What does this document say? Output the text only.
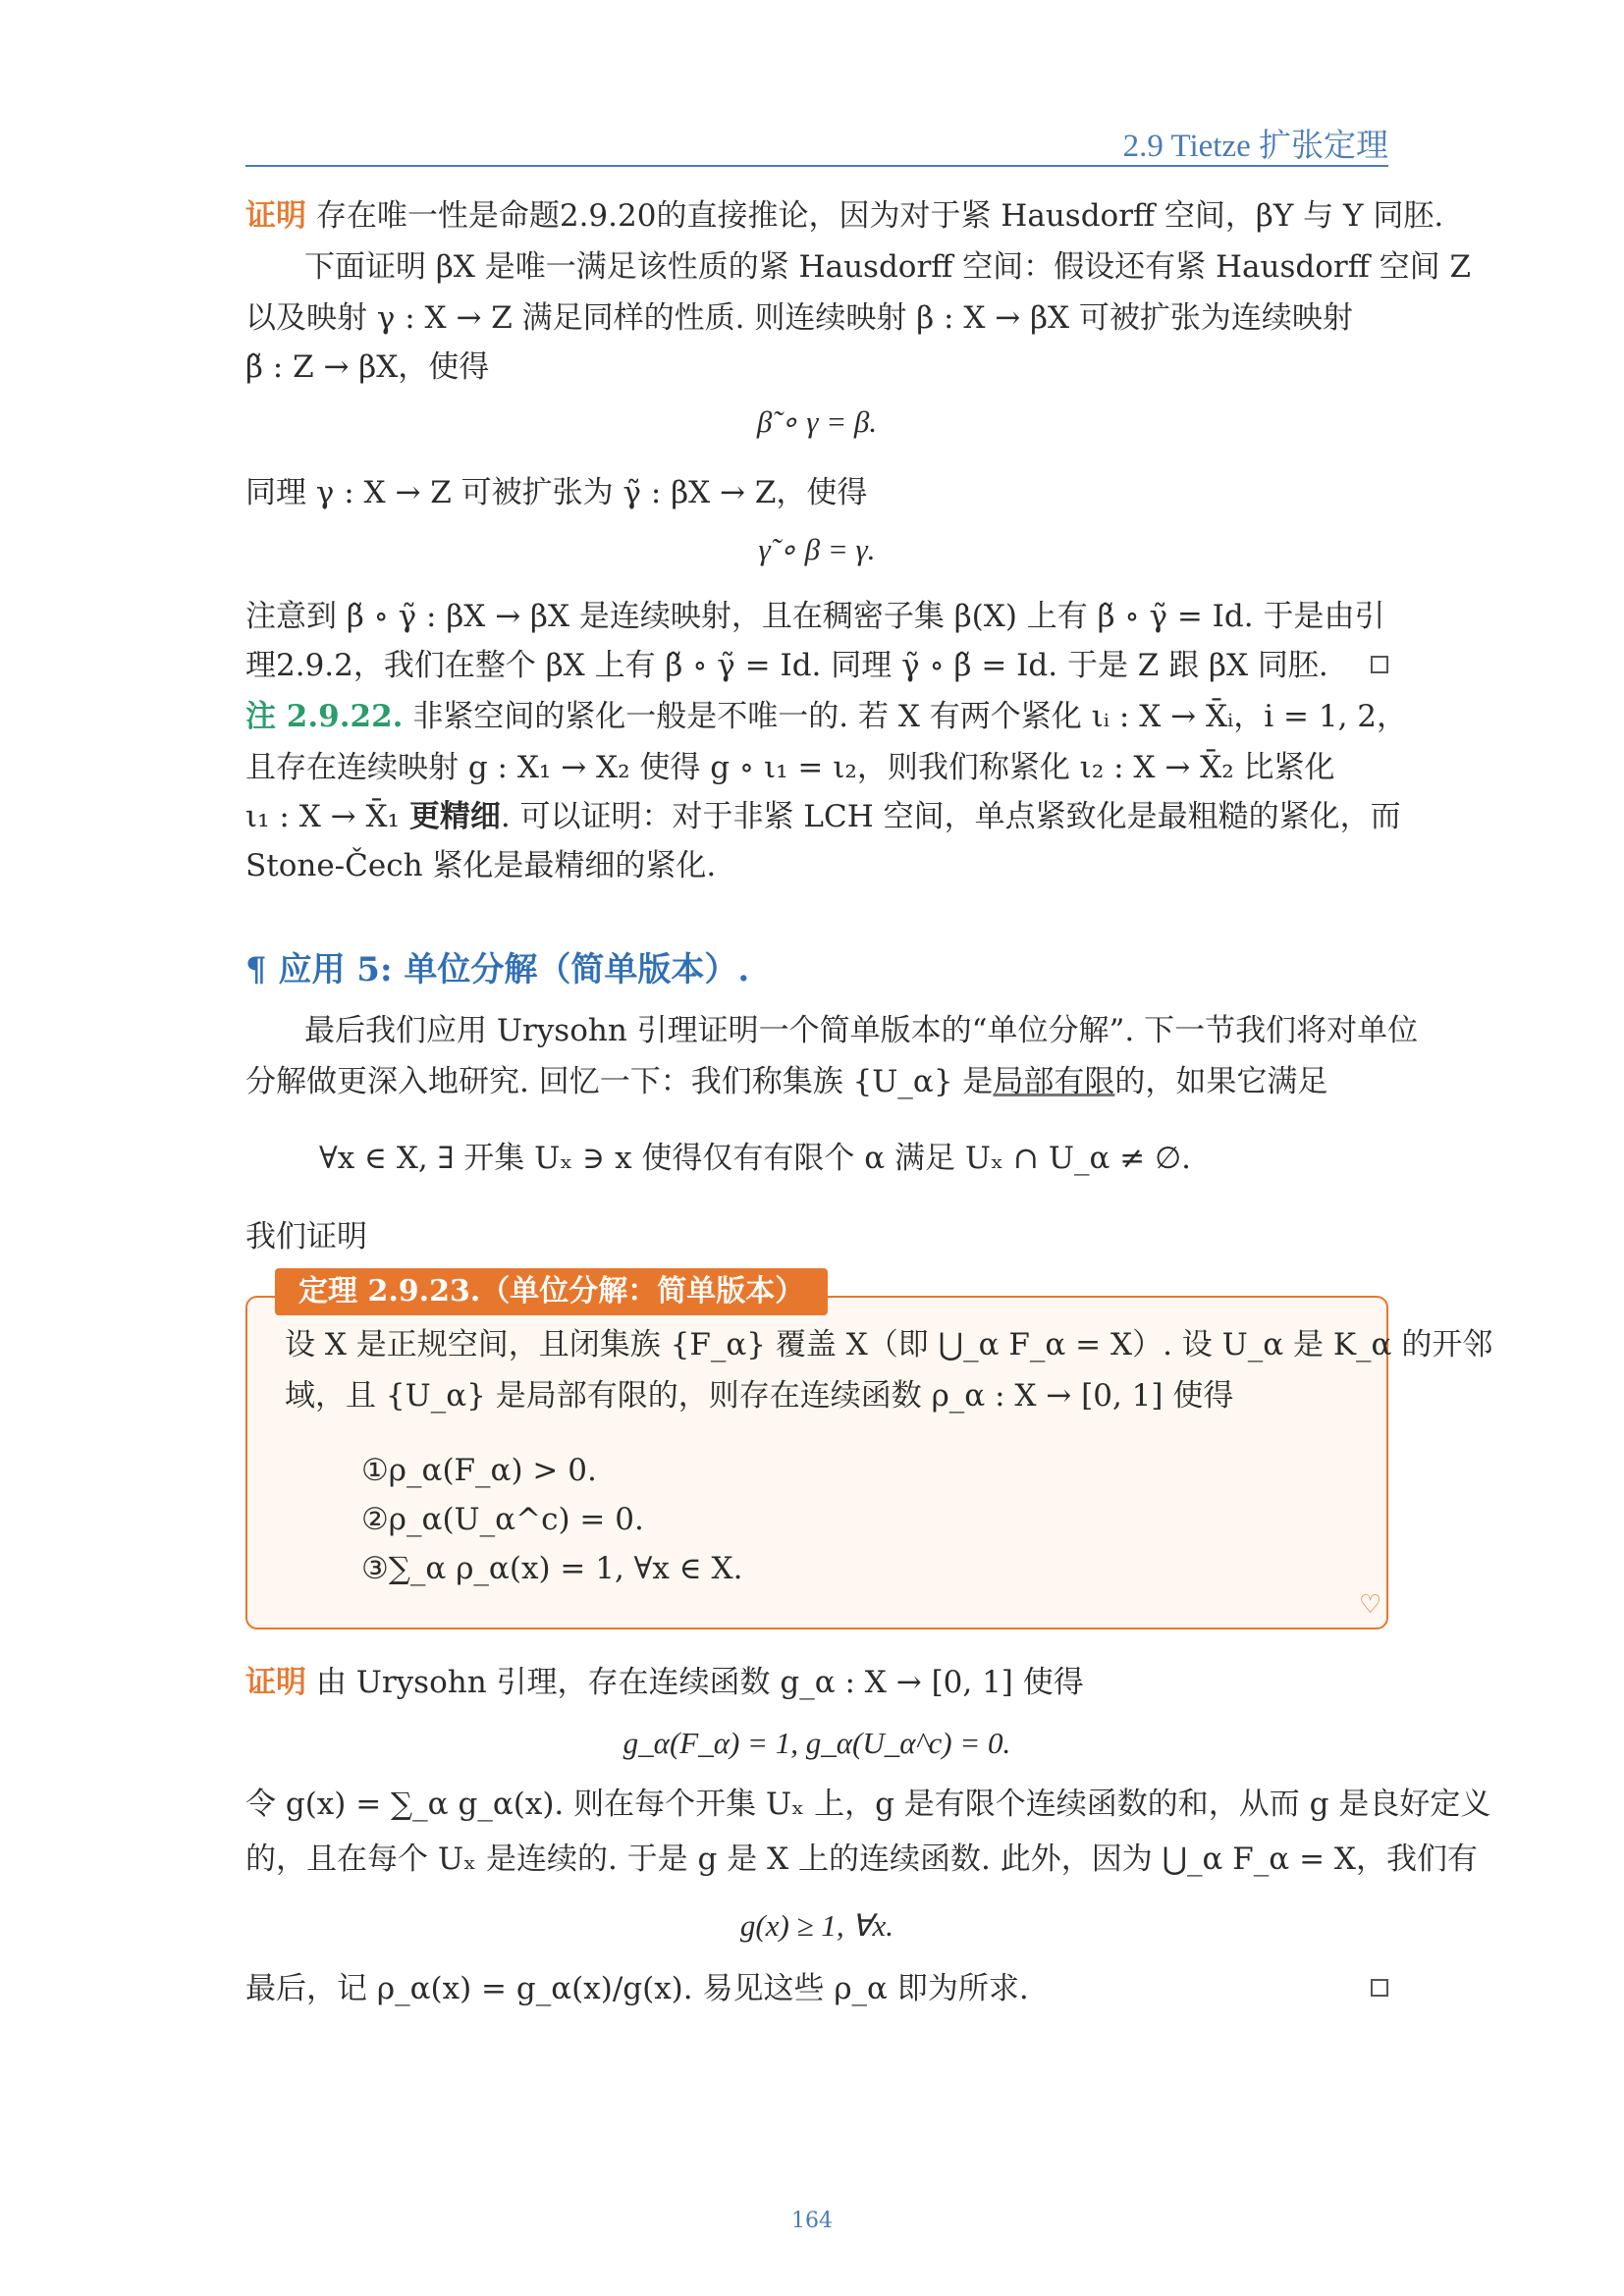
2.9 Tietze 扩张定理
证明 存在唯一性是命题2.9.20的直接推论，因为对于紧 Hausdorff 空间，βY 与 Y 同胚.
下面证明 βX 是唯一满足该性质的紧 Hausdorff 空间：假设还有紧 Hausdorff 空间 Z
以及映射 γ : X → Z 满足同样的性质. 则连续映射 β : X → βX 可被扩张为连续映射
β̃ : Z → βX，使得
β̃ ∘ γ = β.
同理 γ : X → Z 可被扩张为 γ̃ : βX → Z，使得
γ̃ ∘ β = γ.
注意到 β̃ ∘ γ̃ : βX → βX 是连续映射，且在稠密子集 β(X) 上有 β̃ ∘ γ̃ = Id. 于是由引
理2.9.2，我们在整个 βX 上有 β̃ ∘ γ̃ = Id. 同理 γ̃ ∘ β̃ = Id. 于是 Z 跟 βX 同胚.
注 2.9.22. 非紧空间的紧化一般是不唯一的. 若 X 有两个紧化 ιᵢ : X → X̄ᵢ，i = 1, 2，
且存在连续映射 g : X₁ → X₂ 使得 g ∘ ι₁ = ι₂，则我们称紧化 ι₂ : X → X̄₂ 比紧化
ι₁ : X → X̄₁ 更精细. 可以证明：对于非紧 LCH 空间，单点紧致化是最粗糙的紧化，而
Stone-Čech 紧化是最精细的紧化.
¶ 应用 5: 单位分解（简单版本）.
最后我们应用 Urysohn 引理证明一个简单版本的“单位分解”. 下一节我们将对单位
分解做更深入地研究. 回忆一下：我们称集族 {U_α} 是局部有限的，如果它满足
∀x ∈ X, ∃ 开集 Uₓ ∋ x 使得仅有有限个 α 满足 Uₓ ∩ U_α ≠ ∅.
我们证明
定理 2.9.23.（单位分解：简单版本）
设 X 是正规空间，且闭集族 {F_α} 覆盖 X（即 ⋃_α F_α = X）. 设 U_α 是 K_α 的开邻
域，且 {U_α} 是局部有限的，则存在连续函数 ρ_α : X → [0, 1] 使得
①ρ_α(F_α) > 0.
②ρ_α(U_α^c) = 0.
③∑_α ρ_α(x) = 1, ∀x ∈ X.
♡
证明 由 Urysohn 引理，存在连续函数 g_α : X → [0, 1] 使得
g_α(F_α) = 1, g_α(U_α^c) = 0.
令 g(x) = ∑_α g_α(x). 则在每个开集 Uₓ 上，g 是有限个连续函数的和，从而 g 是良好定义
的，且在每个 Uₓ 是连续的. 于是 g 是 X 上的连续函数. 此外，因为 ⋃_α F_α = X，我们有
g(x) ≥ 1, ∀x.
最后，记 ρ_α(x) = g_α(x)/g(x). 易见这些 ρ_α 即为所求.
164
